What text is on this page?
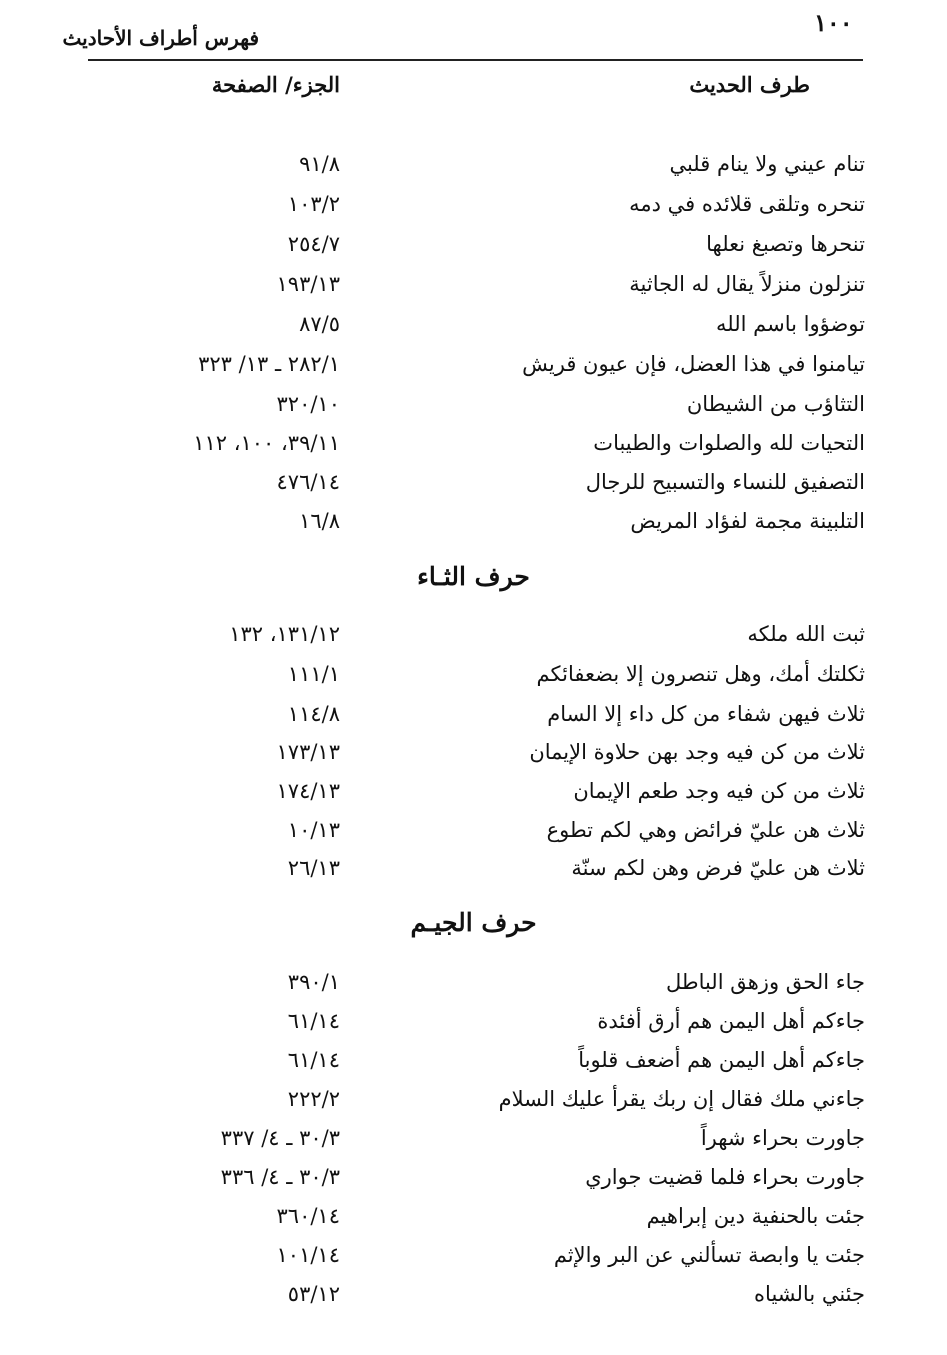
١٠٠
فهرس أطراف الأحاديث
طرف الحديث
الجزء/ الصفحة
تنام عيني ولا ينام قلبي
٩١/٨
تنحره وتلقى قلائده في دمه
١٠٣/٢
تنحرها وتصبغ نعلها
٢٥٤/٧
تنزلون منزلاً يقال له الجاثية
١٩٣/١٣
توضؤوا باسم الله
٨٧/٥
تيامنوا في هذا العضل، فإن عيون قريش
٢٨٢/١ ـ ١٣/ ٣٢٣
التثاؤب من الشيطان
٣٢٠/١٠
التحيات لله والصلوات والطيبات
٣٩/١١، ١٠٠، ١١٢
التصفيق للنساء والتسبيح للرجال
٤٧٦/١٤
التلبينة مجمة لفؤاد المريض
١٦/٨
حرف الثـاء
ثبت الله ملكه
١٣١/١٢، ١٣٢
ثكلتك أمك، وهل تنصرون إلا بضعفائكم
١١١/١
ثلاث فيهن شفاء من كل داء إلا السام
١١٤/٨
ثلاث من كن فيه وجد بهن حلاوة الإيمان
١٧٣/١٣
ثلاث من كن فيه وجد طعم الإيمان
١٧٤/١٣
ثلاث هن عليّ فرائض وهي لكم تطوع
١٠/١٣
ثلاث هن عليّ فرض وهن لكم سنّة
٢٦/١٣
حرف الجيـم
جاء الحق وزهق الباطل
٣٩٠/١
جاءكم أهل اليمن هم أرق أفئدة
٦١/١٤
جاءكم أهل اليمن هم أضعف قلوباً
٦١/١٤
جاءني ملك فقال إن ربك يقرأ عليك السلام
٢٢٢/٢
جاورت بحراء شهراً
٣٠/٣ ـ ٤/ ٣٣٧
جاورت بحراء فلما قضيت جواري
٣٠/٣ ـ ٤/ ٣٣٦
جئت بالحنفية دين إبراهيم
٣٦٠/١٤
جئت يا وابصة تسألني عن البر والإثم
١٠١/١٤
جئني بالشياه
٥٣/١٢
